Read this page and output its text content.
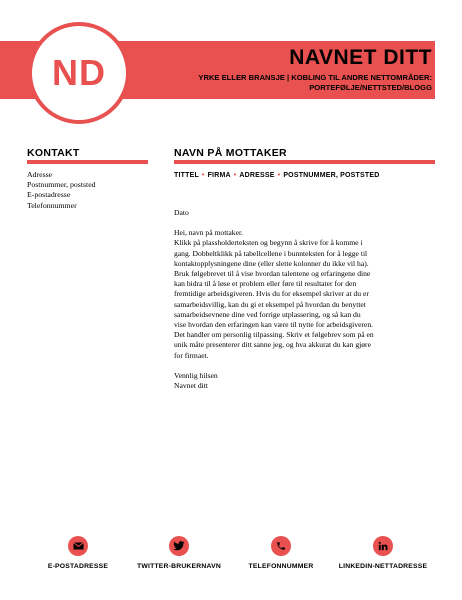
ND	NAVNET DITT
YRKE ELLER BRANSJE | KOBLING TIL ANDRE NETTOMRÅDER:
PORTEFØLJE/NETTSTED/BLOGG
KONTAKT
Adresse
Postnummer, poststed
E-postadresse
Telefonnummer
NAVN PÅ MOTTAKER
TITTEL • FIRMA • ADRESSE • POSTNUMMER, POSTSTED

Dato

Hei, navn på mottaker.

Klikk på plassholderteksten og begynn å skrive for å komme i

gang. Dobbeltklikk på tabellcellene i bunnteksten for å legge til

kontaktopplysningene dine (eller slette kolonner du ikke vil ha).

Bruk følgebrevet til å vise hvordan talentene og erfaringene dine

kan bidra til å løse et problem eller føre til resultater for den

fremtidige arbeidsgiveren. Hvis du for eksempel skriver at du er

samarbeidsvillig, kan du gi et eksempel på hvordan du benyttet

samarbeidsevnene dine ved forrige utplassering, og så kan du

vise hvordan den erfaringen kan være til nytte for arbeidsgiveren.

Det handler om personlig tilpassing. Skriv et følgebrev som på en

unik måte presenterer ditt sanne jeg, og hva akkurat du kan gjøre

for firmaet.

Vennlig hilsen

Navnet ditt

E-POSTADRESSE	TWITTER-BRUKERNAVN	TELEFONNUMMER	LINKEDIN-NETTADRESSE
